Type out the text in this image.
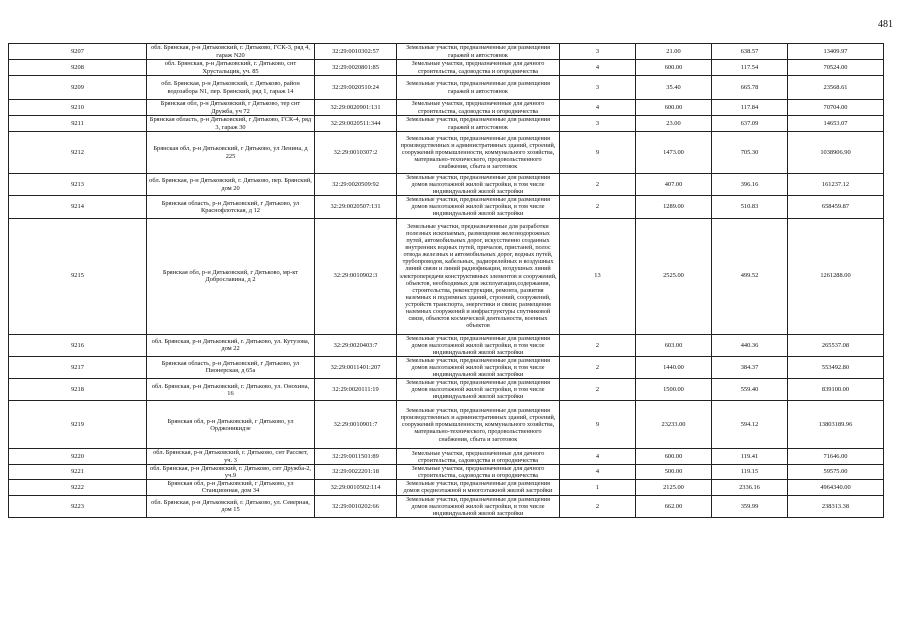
481
9207	обл. Брянская, р-н Дятьковский, г. Дятьково, ГСК-3, ряд 4, гараж N20	32:29:0010302:57	Земельные участки, предназначенные для размещения гаражей и автостоянок	3	21.00	638.57	13409.97
9208	обл. Брянская, р-н Дятьковский, г. Дятьково, снт Хрустальщик, уч. 85	32:29:0020801:85	Земельные участки, предназначенные для дачного строительства, садоводства и огородничества	4	600.00	117.54	70524.00
9209	обл. Брянская, р-н Дятьковский, г. Дятьково, район водозабора N1, пер. Брянский, ряд 1, гараж 14	32:29:0020510:24	Земельные участки, предназначенные для размещения гаражей и автостоянок	3	35.40	665.78	23568.61
9210	Брянская обл, р-н Дятьковский, г Дятьково, тер снт Дружба, уч 72	32:29:0020901:131	Земельные участки, предназначенные для дачного строительства, садоводства и огородничества	4	600.00	117.84	70704.00
9211	Брянская область, р-н Дятьковский, г Дятьково, ГСК-4, ряд 3, гараж 30	32:29:0020511:344	Земельные участки, предназначенные для размещения гаражей и автостоянок	3	23.00	637.09	14653.07
9212	Брянская обл, р-н Дятьковский, г Дятьково, ул Ленина, д 225	32:29:0010307:2	Земельные участки, предназначенные для размещения производственных и административных зданий, строений, сооружений промышленности, коммунального хозяйства, материально-технического, продовольственного снабжения, сбыта и заготовок	9	1473.00	705.30	1038906.90
9213	обл. Брянская, р-н Дятьковский, г. Дятьково, пер. Брянский, дом 20	32:29:0020509:92	Земельные участки, предназначенные для размещения домов малоэтажной жилой застройки, в том числе индивидуальной жилой застройки	2	407.00	396.16	161237.12
9214	Брянская область, р-н Дятьковский, г Дятьково, ул Краснофлотская, д 12	32:29:0020507:131	Земельные участки, предназначенные для размещения домов малоэтажной жилой застройки, в том числе индивидуальной жилой застройки	2	1289.00	510.83	658459.87
9215	Брянская обл, р-н Дятьковский, г Дятьково, мр-кт Доброславина, д 2	32:29:0010902:3	Земельные участки, предназначенные для разработки полезных ископаемых, размещения железнодорожных путей, автомобильных дорог, искусственно созданных внутренних водных путей, причалов, пристаней, полос отвода железных и автомобильных дорог, водных путей, трубопроводов, кабельных, радиорелейных и воздушных линий связи и линий радиофикации, воздушных линий электропередачи конструктивных элементов и сооружений, объектов, необходимых для эксплуатации,содержания, строительства, реконструкции, ремонта, развития наземных и подземных зданий, строений, сооружений, устройств транспорта, энергетики и связи; размещения наземных сооружений и инфраструктуры спутниковой связи, объектов космической деятельности, военных объектов	13	2525.00	499.52	1261288.00
9216	обл. Брянская, р-н Дятьковский, г. Дятьково, ул. Кутузова, дом 22	32:29:0020403:7	Земельные участки, предназначенные для размещения домов малоэтажной жилой застройки, в том числе индивидуальной жилой застройки	2	603.00	440.36	265537.08
9217	Брянская область, р-н Дятьковский, г Дятьково, ул Пионерская, д 65а	32:29:0011401:207	Земельные участки, предназначенные для размещения домов малоэтажной жилой застройки, в том числе индивидуальной жилой застройки	2	1440.00	384.37	553492.80
9218	обл. Брянская, р-н Дятьковский, г. Дятьково, ул. Онохина, 16	32:29:0020111:19	Земельные участки, предназначенные для размещения домов малоэтажной жилой застройки, в том числе индивидуальной жилой застройки	2	1500.00	559.40	839100.00
9219	Брянская обл, р-н Дятьковский, г Дятьково, ул Орджоникидзе	32:29:0010901:7	Земельные участки, предназначенные для размещения производственных и административных зданий, строений, сооружений промышленности, коммунального хозяйства, материально-технического, продовольственного снабжения, сбыта и заготовок	9	23233.00	594.12	13803189.96
9220	обл. Брянская, р-н Дятьковский, г. Дятьково, снт Рассвет, уч. 3	32:29:0011501:89	Земельные участки, предназначенные для дачного строительства, садоводства и огородничества	4	600.00	119.41	71646.00
9221	обл. Брянская, р-н Дятьковский, г. Дятьково, снт Дружба-2, уч.9	32:29:0022201:18	Земельные участки, предназначенные для дачного строительства, садоводства и огородничества	4	500.00	119.15	59575.00
9222	Брянская обл, р-н Дятьковский, г Дятьково, ул Станционная, дом 34	32:29:0010502:114	Земельные участки, предназначенные для размещения домов среднеэтажной и многоэтажной жилой застройки	1	2125.00	2336.16	4964340.00
9223	обл. Брянская, р-н Дятьковский, г. Дятьково, ул. Северная, дом 15	32:29:0010202:66	Земельные участки, предназначенные для размещения домов малоэтажной жилой застройки, в том числе индивидуальной жилой застройки	2	662.00	359.99	238313.38
